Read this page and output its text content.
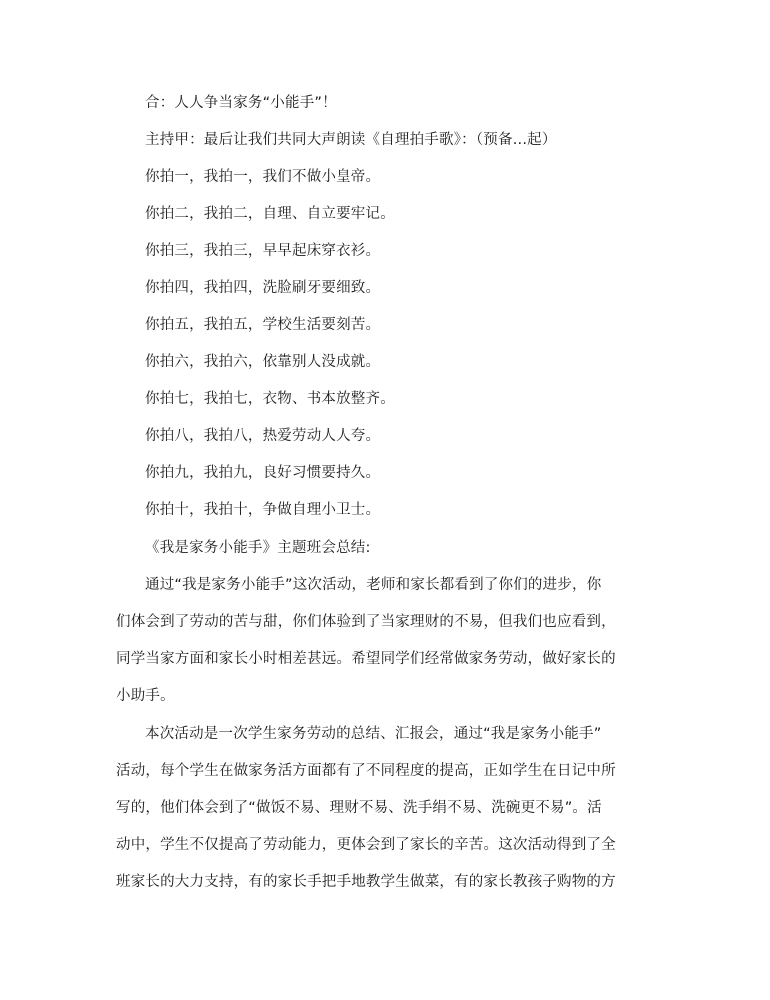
合：人人争当家务“小能手”！
主持甲：最后让我们共同大声朗读《自理拍手歌》：（预备...起）
你拍一，我拍一，我们不做小皇帝。
你拍二，我拍二，自理、自立要牢记。
你拍三，我拍三，早早起床穿衣衫。
你拍四，我拍四，洗脸刷牙要细致。
你拍五，我拍五，学校生活要刻苦。
你拍六，我拍六，依靠别人没成就。
你拍七，我拍七，衣物、书本放整齐。
你拍八，我拍八，热爱劳动人人夸。
你拍九，我拍九，良好习惯要持久。
你拍十，我拍十，争做自理小卫士。
《我是家务小能手》主题班会总结:
通过“我是家务小能手”这次活动，老师和家长都看到了你们的进步，你
们体会到了劳动的苦与甜，你们体验到了当家理财的不易，但我们也应看到，
同学当家方面和家长小时相差甚远。希望同学们经常做家务劳动，做好家长的
小助手。
本次活动是一次学生家务劳动的总结、汇报会，通过“我是家务小能手”
活动，每个学生在做家务活方面都有了不同程度的提高，正如学生在日记中所
写的，他们体会到了“做饭不易、理财不易、洗手绢不易、洗碗更不易”。活
动中，学生不仅提高了劳动能力，更体会到了家长的辛苦。这次活动得到了全
班家长的大力支持，有的家长手把手地教学生做菜，有的家长教孩子购物的方
